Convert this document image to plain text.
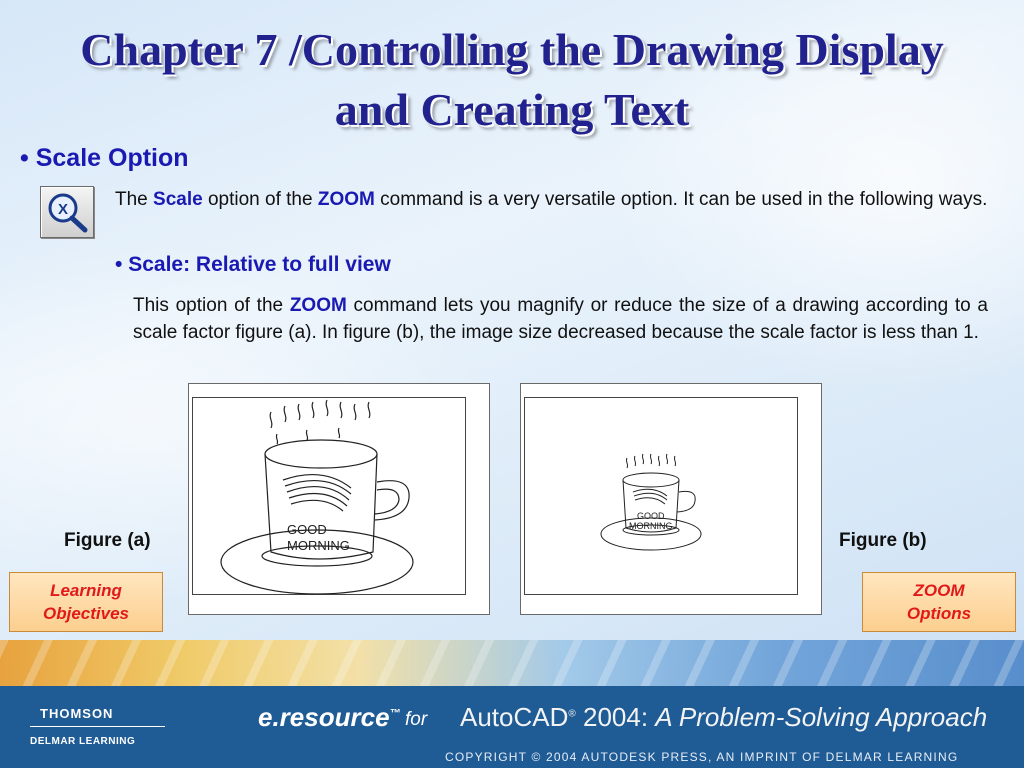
Chapter 7 /Controlling the Drawing Display
and Creating Text
• Scale Option
X The Scale option of the ZOOM command is a very versatile option. It can be used in the following ways.
• Scale: Relative to full view
This option of the ZOOM command lets you magnify or reduce the size of a drawing according to a scale factor figure (a). In figure (b), the image size decreased because the scale factor is less than 1.
GOOD
MORNING
GOOD
MORNING
Figure (a)	Figure (b)
Learning
Objectives
ZOOM
Options
THOMSON
DELMAR LEARNING
e.resource™ for AutoCAD® 2004: A Problem-Solving Approach
COPYRIGHT © 2004 AUTODESK PRESS, AN IMPRINT OF DELMAR LEARNING
